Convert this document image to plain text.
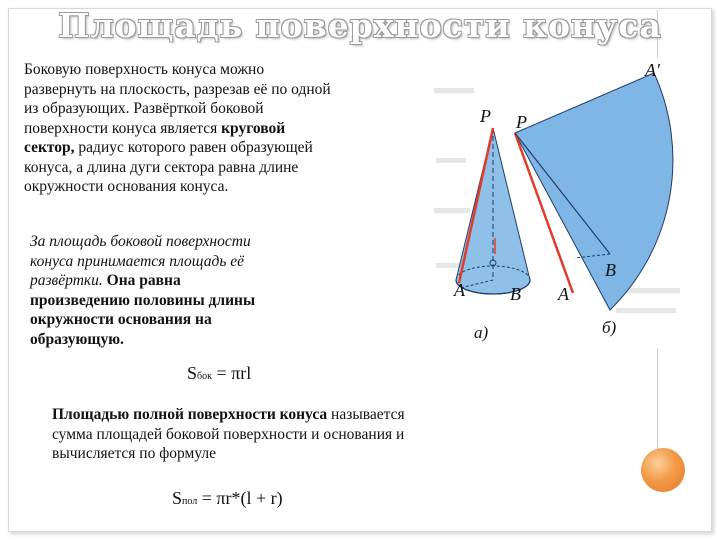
Площадь поверхности конуса

Боковую поверхность конуса можно
развернуть на плоскость, разрезав её по одной
из образующих. Развёрткой боковой
поверхности конуса является круговой
сектор, радиус которого равен образующей
конуса, а длина дуги сектора равна длине
окружности основания конуса.

За площадь боковой поверхности
конуса принимается площадь её
развёртки. Она равна
произведению половины длины
окружности основания на
образующую.

Sбок = πrl

Площадью полной поверхности конуса называется
сумма площадей боковой поверхности и основания и
вычисляется по формуле

Sпол = πr*(l + r)
P P
A′
A	B
B
A
а)	б)
